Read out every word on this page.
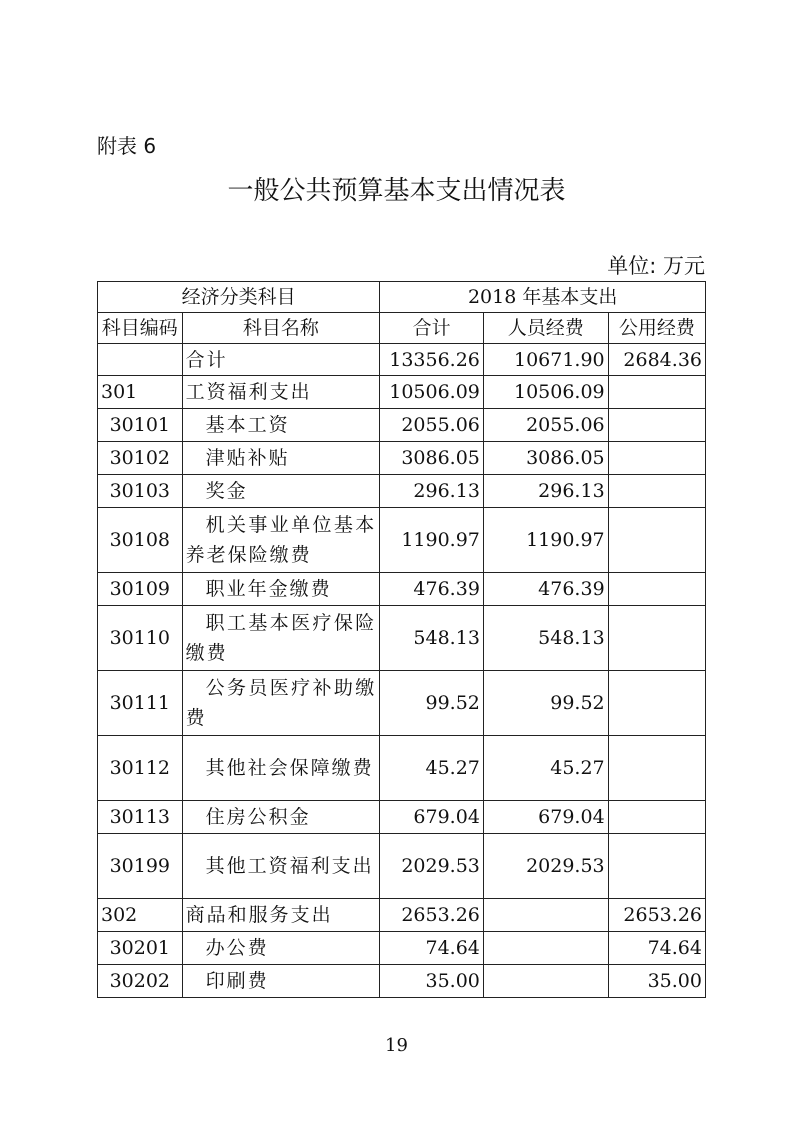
附表 6
一般公共预算基本支出情况表
单位: 万元
经济分类科目		2018 年基本支出		
科目编码	科目名称	合计	人员经费	公用经费
	合计	13356.26	10671.90	2684.36
301	工资福利支出	10506.09	10506.09	
30101	基本工资	2055.06	2055.06	
30102	津贴补贴	3086.05	3086.05	
30103	奖金	296.13	296.13	
30108	机关事业单位基本养老保险缴费	1190.97	1190.97	
30109	职业年金缴费	476.39	476.39	
30110	职工基本医疗保险缴费	548.13	548.13	
30111	公务员医疗补助缴费	99.52	99.52	
30112	其他社会保障缴费	45.27	45.27	
30113	住房公积金	679.04	679.04	
30199	其他工资福利支出	2029.53	2029.53	
302	商品和服务支出	2653.26		2653.26
30201	办公费	74.64		74.64
30202	印刷费	35.00		35.00
19
